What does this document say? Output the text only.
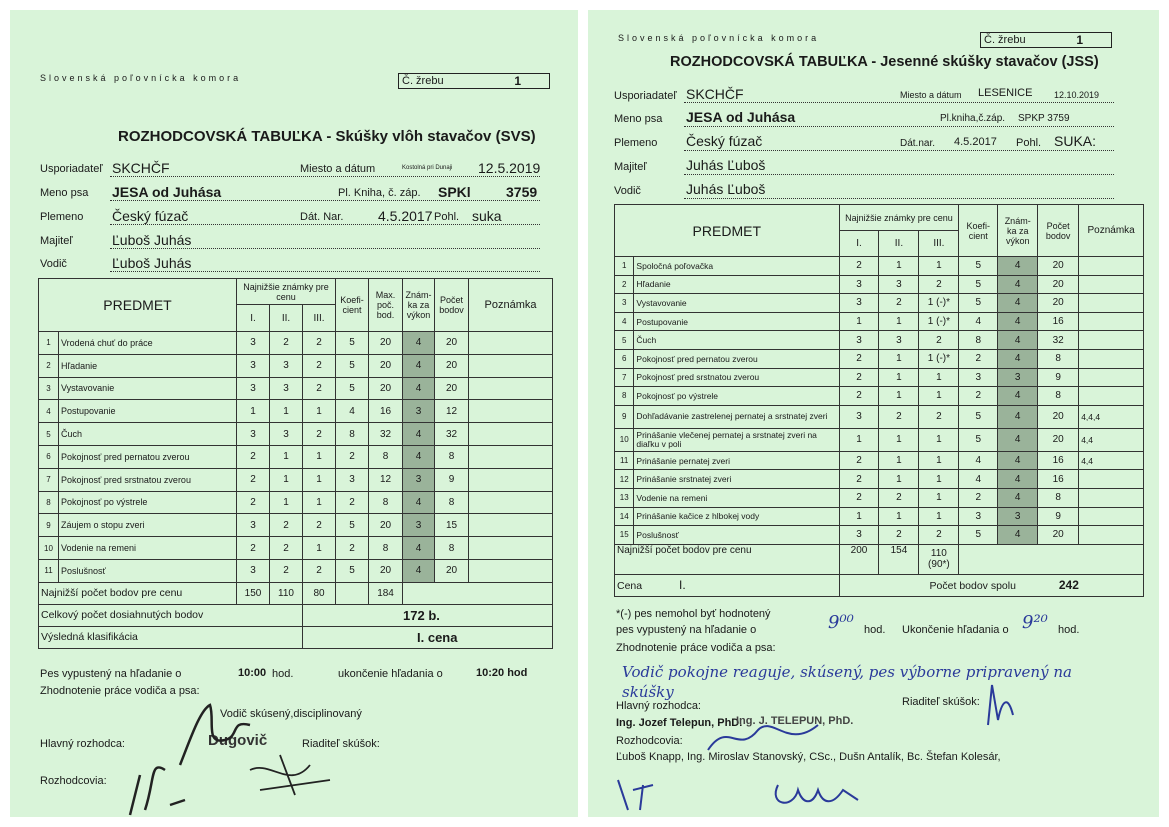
Slovenská poľovnícka komora	Č. žrebu	1
ROZHODCOVSKÁ TABUĽKA - Skúšky vlôh stavačov (SVS)
Usporiadateľ SKCHČF	Miesto a dátum	Kostolná pri Dunaji 12.5.2019
Meno psa JESA od Juhása	Pl. Kniha, č. záp. SPKl	3759
Plemeno Český fúzač	Dát. Nar. 4.5.2017 Pohl. suka
Majiteľ	Ľuboš Juhás
Vodič	Ľuboš Juhás
PREDMET		Najnižšie známky pre cenu			Koefi-cient	Max. poč. bod.	Znám-ka za výkon	Počet bodov	Poznámka
		I.	II.	III.					
1	Vrodená chuť do práce	3	2	2	5	20	4	20	
2	Hľadanie	3	3	2	5	20	4	20	
3	Vystavovanie	3	3	2	5	20	4	20	
4	Postupovanie	1	1	1	4	16	3	12	
5	Čuch	3	3	2	8	32	4	32	
6	Pokojnosť pred pernatou zverou	2	1	1	2	8	4	8	
7	Pokojnosť pred srstnatou zverou	2	1	1	3	12	3	9	
8	Pokojnosť po výstrele	2	1	1	2	8	4	8	
9	Záujem o stopu zveri	3	2	2	5	20	3	15	
10	Vodenie na remeni	2	2	1	2	8	4	8	
11	Poslušnosť	3	2	2	5	20	4	20	
Najnižší počet bodov pre cenu		150	110	80		184			
Celkový počet dosiahnutých bodov				172 b.					
Výsledná klasifikácia				I. cena					
Pes vypustený na hľadanie o	10:00 hod.	ukončenie hľadania o	10:20 hod
Zhodnotenie práce vodiča a psa:
Vodič skúsený,disciplinovaný
Hlavný rozhodca:	Dugovič	Riaditeľ skúšok:
Rozhodcovia:
Slovenská poľovnícka komora	Č. žrebu	1
ROZHODCOVSKÁ TABUĽKA - Jesenné skúšky stavačov (JSS)
Usporiadateľ SKCHČF	Miesto a dátum LESENICE 12.10.2019
Meno psa JESA od Juhása	Pl.kniha,č.záp. SPKP 3759
Plemeno Český fúzač	Dát.nar. 4.5.2017 Pohl. SUKA:
Majiteľ	Juhás Ľuboš
Vodič	Juhás Ľuboš
PREDMET		Najnižšie známky pre cenu			Koefi-cient	Znám-ka za výkon	Počet bodov	Poznámka
		I.	II.	III.				
1	Spoločná poľovačka	2	1	1	5	4	20	
2	Hľadanie	3	3	2	5	4	20	
3	Vystavovanie	3	2	1 (-)*	5	4	20	
4	Postupovanie	1	1	1 (-)*	4	4	16	
5	Čuch	3	3	2	8	4	32	
6	Pokojnosť pred pernatou zverou	2	1	1 (-)*	2	4	8	
7	Pokojnosť pred srstnatou zverou	2	1	1	3	3	9	
8	Pokojnosť po výstrele	2	1	1	2	4	8	
9	Dohľadávanie zastrelenej pernatej a srstnatej zveri	3	2	2	5	4	20	4,4,4
10	Prinášanie vlečenej pernatej a srstnatej zveri na diaľku v poli	1	1	1	5	4	20	4,4
11	Prinášanie pernatej zveri	2	1	1	4	4	16	4,4
12	Prinášanie srstnatej zveri	2	1	1	4	4	16	
13	Vodenie na remeni	2	2	1	2	4	8	
14	Prinášanie kačice z hlbokej vody	1	1	1	3	3	9	
15	Poslušnosť	3	2	2	5	4	20	
Najnižší počet bodov pre cenu		200	154	110
(90*)				

Cena I.		Počet bodov spolu 242						
*(-) pes nemohol byť hodnotený
pes vypustený na hľadanie o	9⁰⁰ hod. Ukončenie hľadania o 9²⁰ hod.
Zhodnotenie práce vodiča a psa:
Vodič pokojne reaguje, skúsený, pes výborne pripravený na skúšky
Hlavný rozhodca:	Riaditeľ skúšok:
Ing. Jozef Telepun, PhD.
Ing. J. TELEPUN, PhD.
Rozhodcovia:
Ľuboš Knapp, Ing. Miroslav Stan​ovský, CSc., Dušn Antalík, Bc. Štefan Kolesár,
